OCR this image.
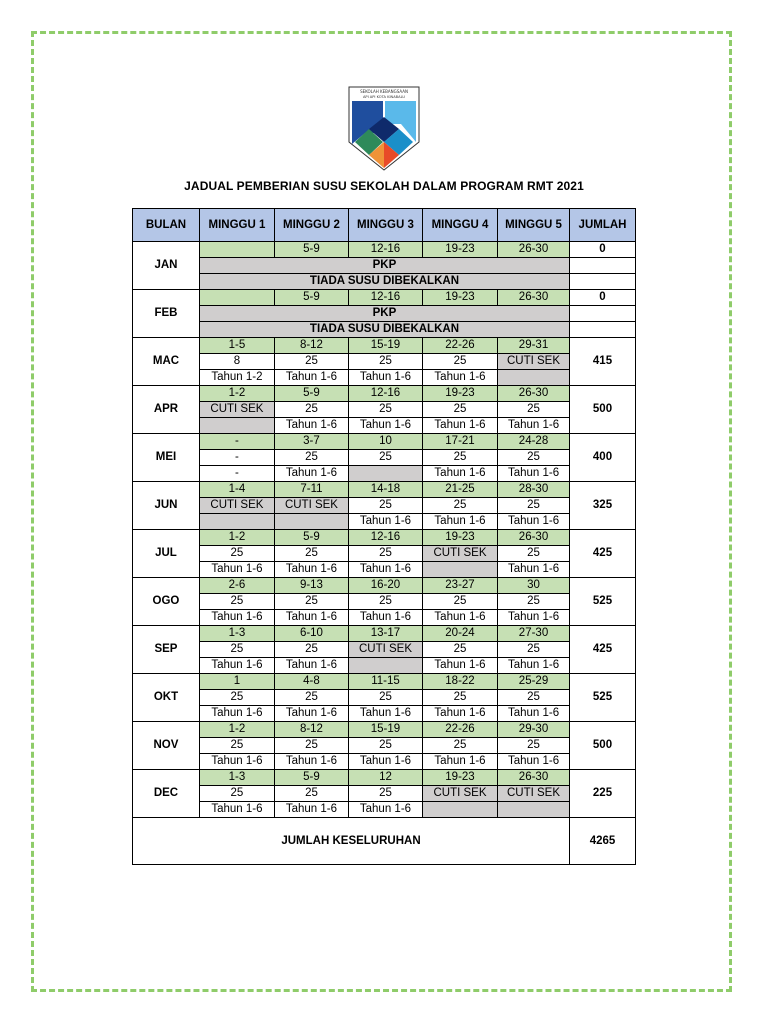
SEKOLAH KEBANGSAAN
API API KOTA KINABALU
JADUAL PEMBERIAN SUSU SEKOLAH DALAM PROGRAM RMT 2021
BULAN	MINGGU 1	MINGGU 2	MINGGU 3	MINGGU 4	MINGGU 5	JUMLAH
JAN		5-9	12-16	19-23	26-30	0
	PKP					
	TIADA SUSU DIBEKALKAN					
FEB		5-9	12-16	19-23	26-30	0
	PKP					
	TIADA SUSU DIBEKALKAN					
MAC	1-5	8-12	15-19	22-26	29-31	415
	8	25	25	25	CUTI SEK	
	Tahun 1-2	Tahun 1-6	Tahun 1-6	Tahun 1-6		
APR	1-2	5-9	12-16	19-23	26-30	500
	CUTI SEK	25	25	25	25	
		Tahun 1-6	Tahun 1-6	Tahun 1-6	Tahun 1-6	
MEI	-	3-7	10	17-21	24-28	400
	-	25	25	25	25	
	-	Tahun 1-6		Tahun 1-6	Tahun 1-6	
JUN	1-4	7-11	14-18	21-25	28-30	325
	CUTI SEK	CUTI SEK	25	25	25	
			Tahun 1-6	Tahun 1-6	Tahun 1-6	
JUL	1-2	5-9	12-16	19-23	26-30	425
	25	25	25	CUTI SEK	25	
	Tahun 1-6	Tahun 1-6	Tahun 1-6		Tahun 1-6	
OGO	2-6	9-13	16-20	23-27	30	525
	25	25	25	25	25	
	Tahun 1-6	Tahun 1-6	Tahun 1-6	Tahun 1-6	Tahun 1-6	
SEP	1-3	6-10	13-17	20-24	27-30	425
	25	25	CUTI SEK	25	25	
	Tahun 1-6	Tahun 1-6		Tahun 1-6	Tahun 1-6	
OKT	1	4-8	11-15	18-22	25-29	525
	25	25	25	25	25	
	Tahun 1-6	Tahun 1-6	Tahun 1-6	Tahun 1-6	Tahun 1-6	
NOV	1-2	8-12	15-19	22-26	29-30	500
	25	25	25	25	25	
	Tahun 1-6	Tahun 1-6	Tahun 1-6	Tahun 1-6	Tahun 1-6	
DEC	1-3	5-9	12	19-23	26-30	225
	25	25	25	CUTI SEK	CUTI SEK	
	Tahun 1-6	Tahun 1-6	Tahun 1-6			
JUMLAH KESELURUHAN						4265
